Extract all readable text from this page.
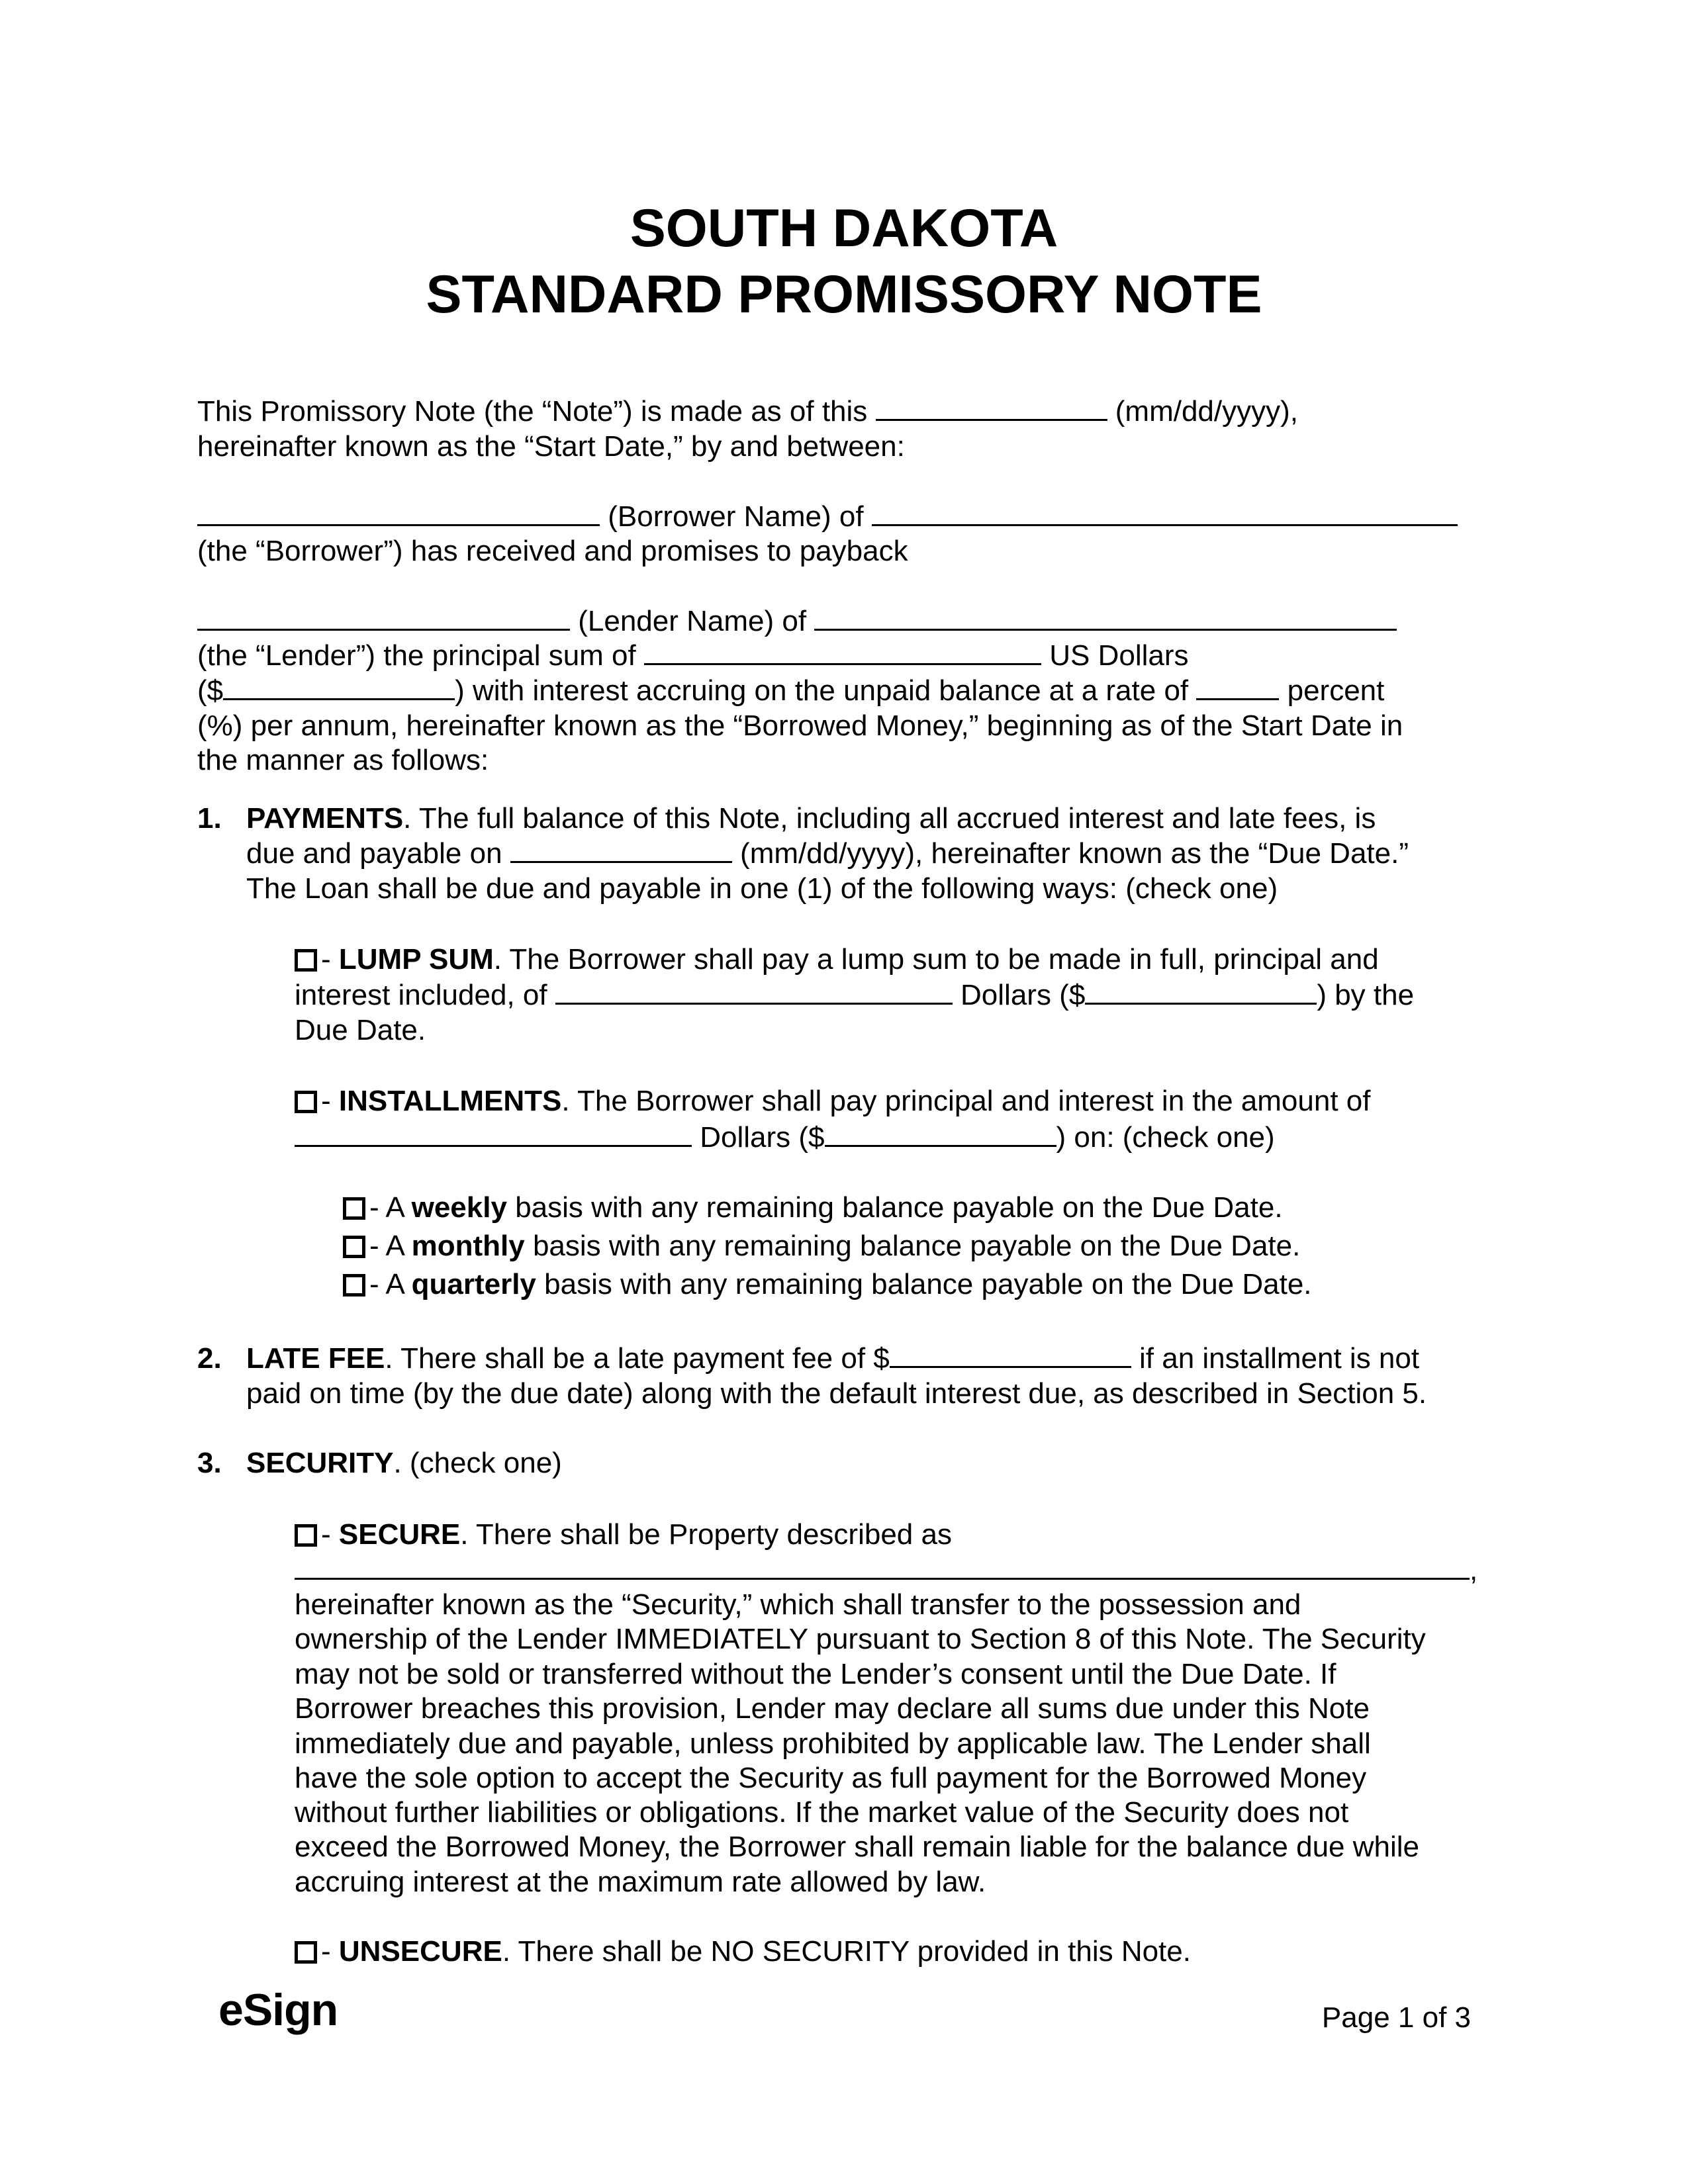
SOUTH DAKOTA
STANDARD PROMISSORY NOTE
This Promissory Note (the “Note”) is made as of this	(mm/dd/yyyy),
hereinafter known as the “Start Date,” by and between:
(Borrower Name) of
(the “Borrower”) has received and promises to payback
(Lender Name) of
(the “Lender”) the principal sum of	US Dollars
($	) with interest accruing on the unpaid balance at a rate of	percent
(%) per annum, hereinafter known as the “Borrowed Money,” beginning as of the Start Date in
the manner as follows:
1. PAYMENTS. The full balance of this Note, including all accrued interest and late fees, is
due and payable on	(mm/dd/yyyy), hereinafter known as the “Due Date.”
The Loan shall be due and payable in one (1) of the following ways: (check one)
- LUMP SUM. The Borrower shall pay a lump sum to be made in full, principal and
interest included, of	Dollars ($	) by the
Due Date.
- INSTALLMENTS. The Borrower shall pay principal and interest in the amount of
Dollars ($	) on: (check one)
- A weekly basis with any remaining balance payable on the Due Date.
- A monthly basis with any remaining balance payable on the Due Date.
- A quarterly basis with any remaining balance payable on the Due Date.
2. LATE FEE. There shall be a late payment fee of $	if an installment is not
paid on time (by the due date) along with the default interest due, as described in Section 5.
3. SECURITY. (check one)
- SECURE. There shall be Property described as
,
hereinafter known as the “Security,” which shall transfer to the possession and
ownership of the Lender IMMEDIATELY pursuant to Section 8 of this Note. The Security
may not be sold or transferred without the Lender’s consent until the Due Date. If
Borrower breaches this provision, Lender may declare all sums due under this Note
immediately due and payable, unless prohibited by applicable law. The Lender shall
have the sole option to accept the Security as full payment for the Borrowed Money
without further liabilities or obligations. If the market value of the Security does not
exceed the Borrowed Money, the Borrower shall remain liable for the balance due while
accruing interest at the maximum rate allowed by law.
- UNSECURE. There shall be NO SECURITY provided in this Note.
eSign	Page 1 of 3
